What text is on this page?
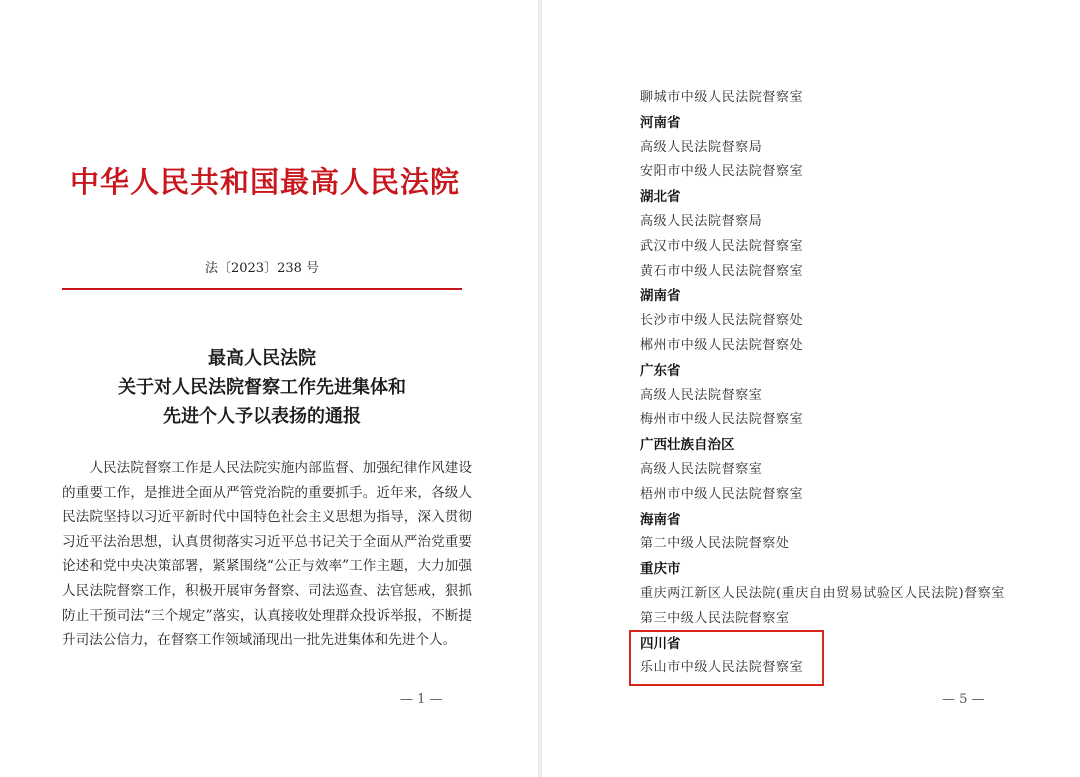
中华人民共和国最高人民法院
法〔2023〕238 号
最高人民法院
关于对人民法院督察工作先进集体和
先进个人予以表扬的通报
　　人民法院督察工作是人民法院实施内部监督、加强纪律作风建设的重要工作，是推进全面从严管党治院的重要抓手。近年来，各级人民法院坚持以习近平新时代中国特色社会主义思想为指导，深入贯彻习近平法治思想，认真贯彻落实习近平总书记关于全面从严治党重要论述和党中央决策部署，紧紧围绕“公正与效率”工作主题，大力加强人民法院督察工作，积极开展审务督察、司法巡查、法官惩戒，狠抓防止干预司法“三个规定”落实，认真接收处理群众投诉举报，不断提升司法公信力，在督察工作领域涌现出一批先进集体和先进个人。
— 1 —
聊城市中级人民法院督察室
河南省
高级人民法院督察局
安阳市中级人民法院督察室
湖北省
高级人民法院督察局
武汉市中级人民法院督察室
黄石市中级人民法院督察室
湖南省
长沙市中级人民法院督察处
郴州市中级人民法院督察处
广东省
高级人民法院督察室
梅州市中级人民法院督察室
广西壮族自治区
高级人民法院督察室
梧州市中级人民法院督察室
海南省
第二中级人民法院督察处
重庆市
重庆两江新区人民法院(重庆自由贸易试验区人民法院)督察室
第三中级人民法院督察室
四川省
乐山市中级人民法院督察室
— 5 —
